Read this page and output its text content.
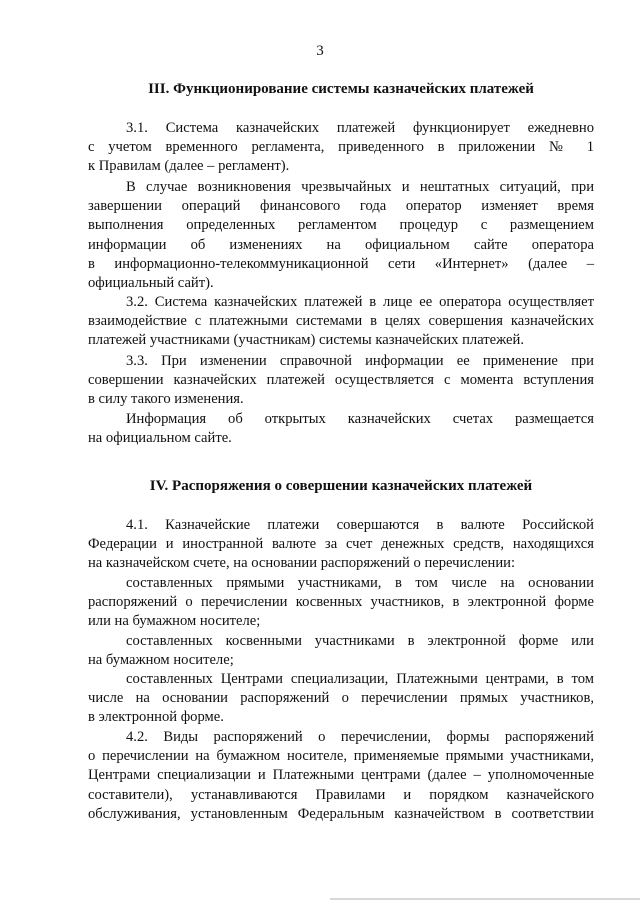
3
III. Функционирование системы казначейских платежей
3.1. Система казначейских платежей функционирует ежедневно
с учетом временного регламента, приведенного в приложении № 1
к Правилам (далее – регламент).
В случае возникновения чрезвычайных и нештатных ситуаций, при
завершении операций финансового года оператор изменяет время
выполнения определенных регламентом процедур с размещением
информации об изменениях на официальном сайте оператора
в информационно-телекоммуникационной сети «Интернет» (далее –
официальный сайт).
3.2. Система казначейских платежей в лице ее оператора осуществляет
взаимодействие с платежными системами в целях совершения казначейских
платежей участниками (участникам) системы казначейских платежей.
3.3. При изменении справочной информации ее применение при
совершении казначейских платежей осуществляется с момента вступления
в силу такого изменения.
Информация об открытых казначейских счетах размещается
на официальном сайте.
IV. Распоряжения о совершении казначейских платежей
4.1. Казначейские платежи совершаются в валюте Российской
Федерации и иностранной валюте за счет денежных средств, находящихся
на казначейском счете, на основании распоряжений о перечислении:
составленных прямыми участниками, в том числе на основании
распоряжений о перечислении косвенных участников, в электронной форме
или на бумажном носителе;
составленных косвенными участниками в электронной форме или
на бумажном носителе;
составленных Центрами специализации, Платежными центрами, в том
числе на основании распоряжений о перечислении прямых участников,
в электронной форме.
4.2. Виды распоряжений о перечислении, формы распоряжений
о перечислении на бумажном носителе, применяемые прямыми участниками,
Центрами специализации и Платежными центрами (далее – уполномоченные
составители), устанавливаются Правилами и порядком казначейского
обслуживания, установленным Федеральным казначейством в соответствии
